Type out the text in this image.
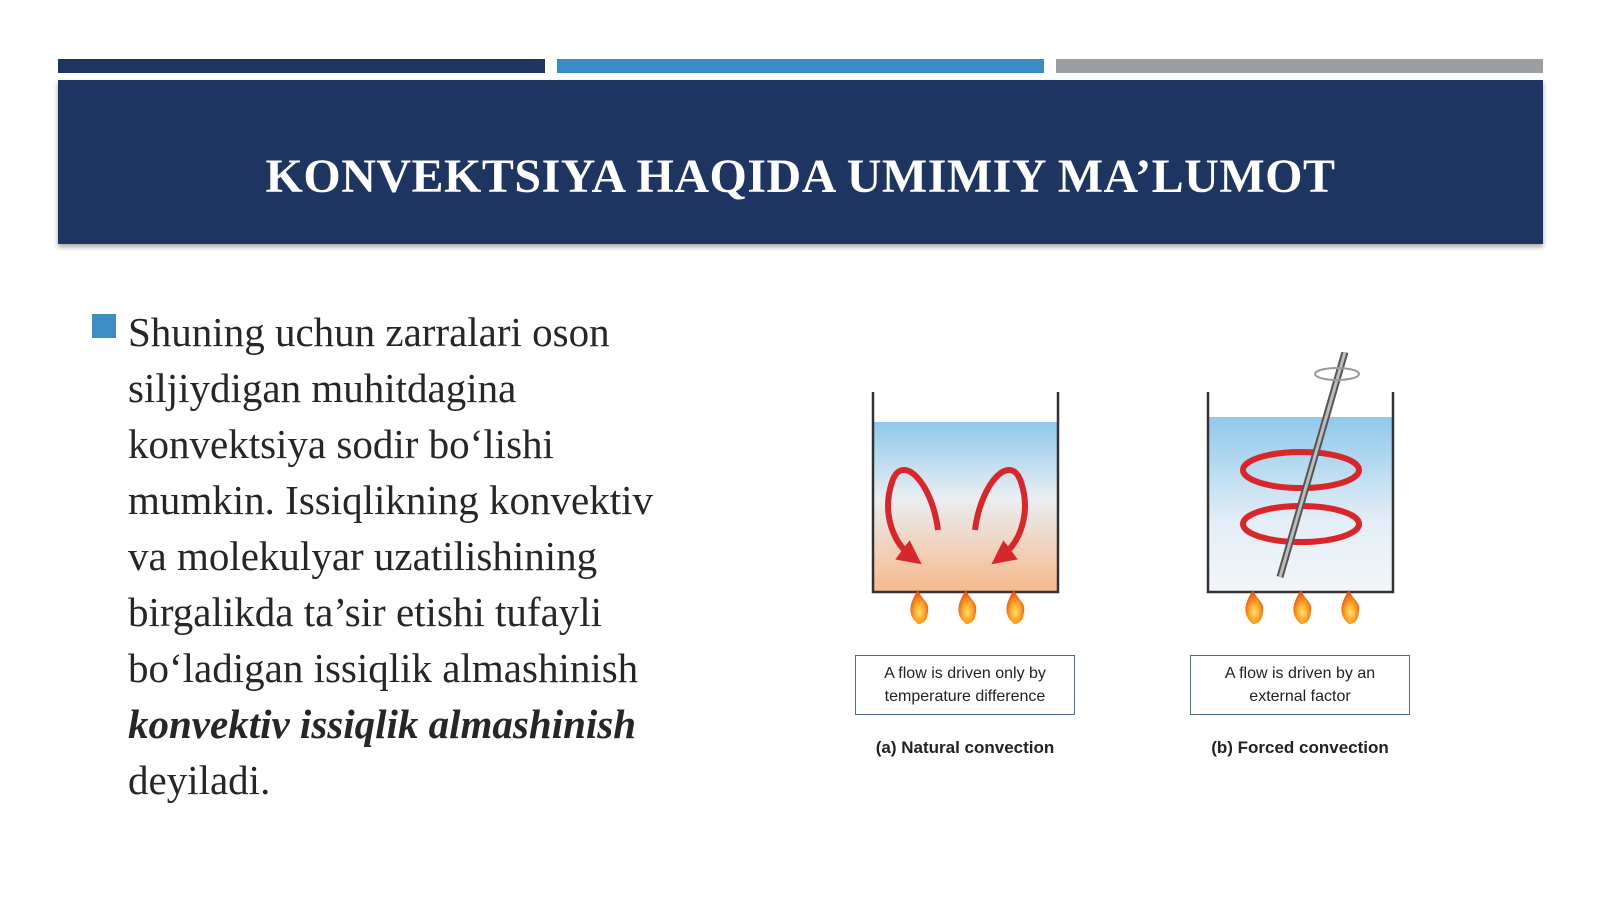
KONVEKTSIYA HAQIDA UMIMIY MA’LUMOT
Shuning uchun zarralari oson
siljiydigan muhitdagina
konvektsiya sodir bo‘lishi
mumkin. Issiqlikning konvektiv
va molekulyar uzatilishining
birgalikda ta’sir etishi tufayli
bo‘ladigan issiqlik almashinish
konvektiv issiqlik almashinish
deyiladi.
A flow is driven only by
temperature difference
A flow is driven by an
external factor
(a) Natural convection	(b) Forced convection
